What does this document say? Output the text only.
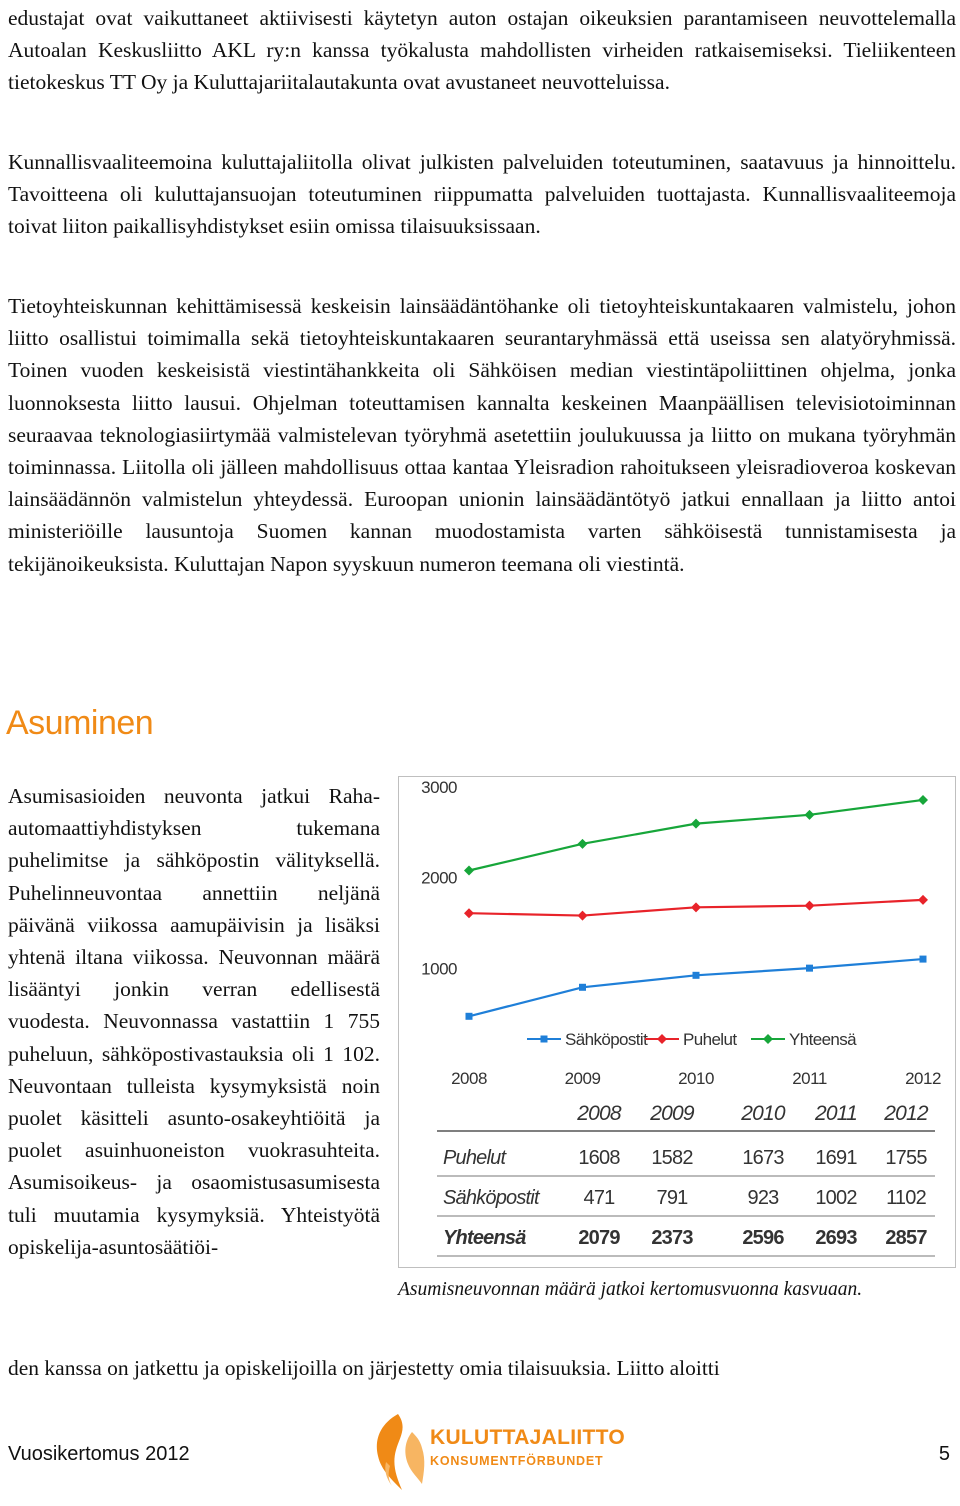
edustajat ovat vaikuttaneet aktiivisesti käytetyn auton ostajan oikeuksien parantamiseen neuvottelemalla Autoalan Keskusliitto AKL ry:n kanssa työkalusta mahdollisten virheiden ratkaisemiseksi. Tieliikenteen tietokeskus TT Oy ja Kuluttajariitalautakunta ovat avustaneet neuvotteluissa.

Kunnallisvaaliteemoina kuluttajaliitolla olivat julkisten palveluiden toteutuminen, saatavuus ja hinnoittelu. Tavoitteena oli kuluttajansuojan toteutuminen riippumatta palveluiden tuottajasta. Kunnallisvaaliteemoja toivat liiton paikallisyhdistykset esiin omissa tilaisuuksissaan.

Tietoyhteiskunnan kehittämisessä keskeisin lainsäädäntöhanke oli tietoyhteiskuntakaaren valmistelu, johon liitto osallistui toimimalla sekä tietoyhteiskuntakaaren seurantaryhmässä että useissa sen alatyöryhmissä. Toinen vuoden keskeisistä viestintähankkeita oli Sähköisen median viestintäpoliittinen ohjelma, jonka luonnoksesta liitto lausui. Ohjelman toteuttamisen kannalta keskeinen Maanpäällisen televisiotoiminnan seuraavaa teknologiasiirtymää valmistelevan työryhmä asetettiin joulukuussa ja liitto on mukana työryhmän toiminnassa. Liitolla oli jälleen mahdollisuus ottaa kantaa Yleisradion rahoitukseen yleisradioveroa koskevan lainsäädännön valmistelun yhteydessä. Euroopan unionin lainsäädäntötyö jatkui ennallaan ja liitto antoi ministeriöille lausuntoja Suomen kannan muodostamista varten sähköisestä tunnistamisesta ja tekijänoikeuksista. Kuluttajan Napon syyskuun numeron teemana oli viestintä.

Asuminen

Asumisasioiden neuvonta jatkui Raha-automaattiyhdistyksen tukemana puhelimitse ja sähköpostin välityksellä. Puhelinneuvontaa annettiin neljänä päivänä viikossa aamupäivisin ja lisäksi yhtenä iltana viikossa. Neuvonnan määrä lisääntyi jonkin verran edellisestä vuodesta. Neuvonnassa vastattiin 1 755 puheluun, sähköpostivastauksia oli 1 102. Neuvontaan tulleista kysymyksistä noin puolet käsitteli asunto-osakeyhtiöitä ja puolet asuinhuoneiston vuokrasuhteita. Asumisoikeus- ja osaomistusasumisesta tuli muutamia kysymyksiä. Yhteistyötä opiskelija-asuntosäätiöi-

1000
2000
3000
2008	2009	2010	2011	2012
Sähköpostit Puhelut	Yhteensä
2008 2009 2010 2011 2012
Puhelut	1608 1582 1673 1691 1755
Sähköpostit 471 791	923 1002 1102
Yhteensä	2079 2373 2596 2693 2857

Asumisneuvonnan määrä jatkoi kertomusvuonna kasvuaan.

den kanssa on jatkettu ja opiskelijoilla on järjestetty omia tilaisuuksia. Liitto aloitti

Vuosikertomus 2012
KULUTTAJALIITTO
KONSUMENTFÖRBUNDET	5
